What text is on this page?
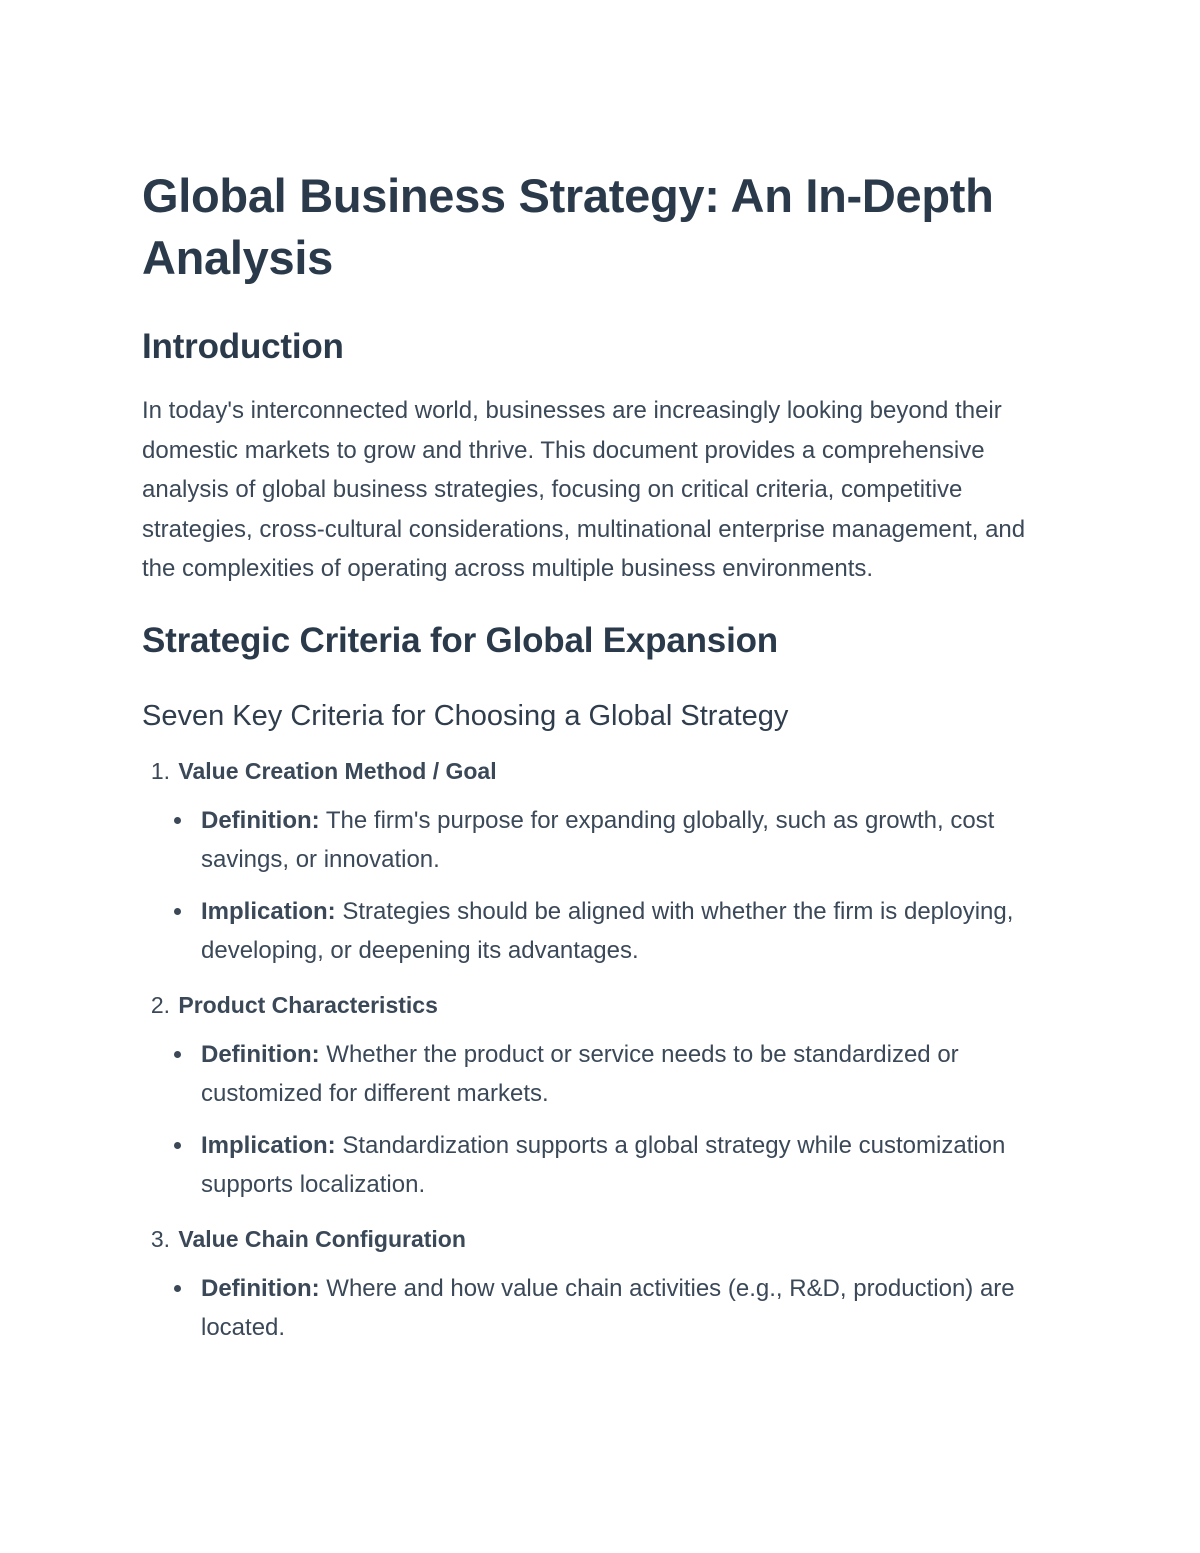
Global Business Strategy: An In-Depth Analysis
Introduction

In today's interconnected world, businesses are increasingly looking beyond their domestic markets to grow and thrive. This document provides a comprehensive analysis of global business strategies, focusing on critical criteria, competitive strategies, cross-cultural considerations, multinational enterprise management, and the complexities of operating across multiple business environments.

Strategic Criteria for Global Expansion
Seven Key Criteria for Choosing a Global Strategy
1. Value Creation Method / Goal
Definition: The firm's purpose for expanding globally, such as growth, cost savings, or innovation.
Implication: Strategies should be aligned with whether the firm is deploying, developing, or deepening its advantages.
2. Product Characteristics
Definition: Whether the product or service needs to be standardized or customized for different markets.
Implication: Standardization supports a global strategy while customization supports localization.
3. Value Chain Configuration
Definition: Where and how value chain activities (e.g., R&D, production) are located.
